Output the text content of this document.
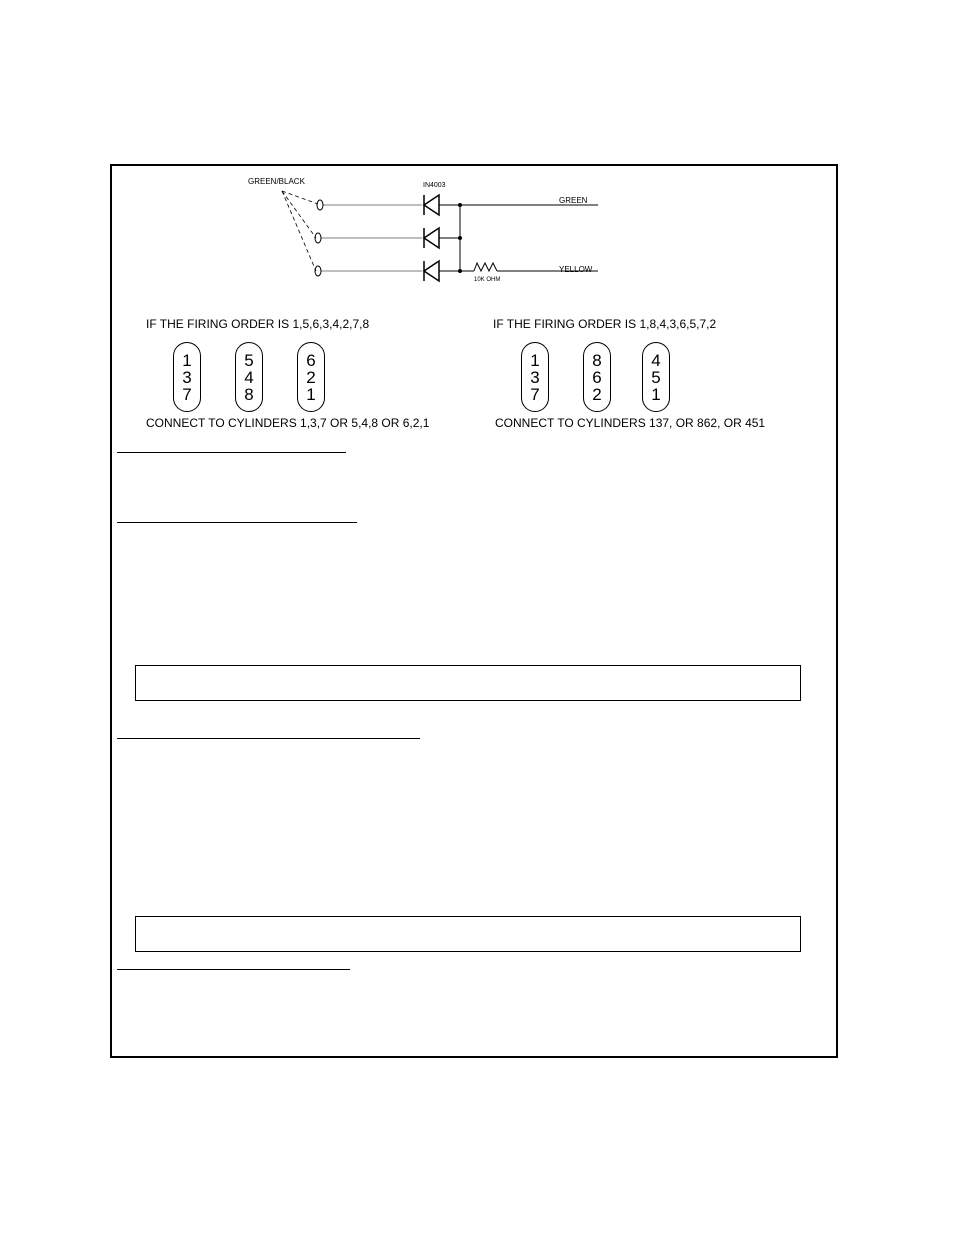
GREEN/BLACK	IN4003
10K OHM
GREEN
YELLOW
IF THE FIRING ORDER IS 1,5,6,3,4,2,7,8
1
3
7
5
4
8
6
2
1
CONNECT TO CYLINDERS 1,3,7 OR 5,4,8 OR 6,2,1
IF THE FIRING ORDER IS 1,8,4,3,6,5,7,2
1
3
7
8
6
2
4
5
1
CONNECT TO CYLINDERS 137, OR 862, OR 451
